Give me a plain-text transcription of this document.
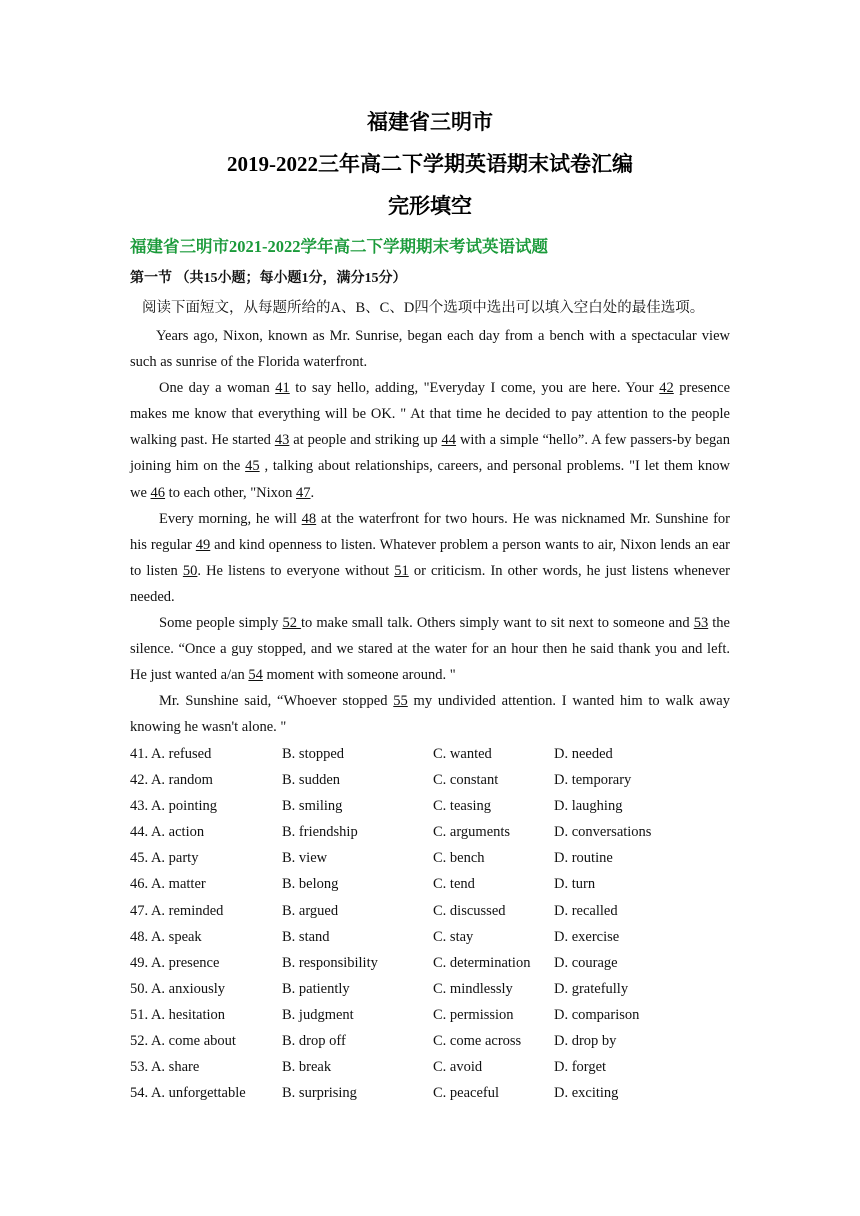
福建省三明市
2019-2022三年高二下学期英语期末试卷汇编
完形填空
福建省三明市2021-2022学年高二下学期期末考试英语试题
第一节 （共15小题；每小题1分，满分15分）
阅读下面短文，从每题所给的A、B、C、D四个选项中选出可以填入空白处的最佳选项。

Years ago, Nixon, known as Mr. Sunrise, began each day from a bench with a spectacular view such as sunrise of the Florida waterfront.

One day a woman 41 to say hello, adding, "Everyday I come, you are here. Your 42 presence makes me know that everything will be OK. " At that time he decided to pay attention to the people walking past. He started 43 at people and striking up 44 with a simple “hello”. A few passers-by began joining him on the 45 , talking about relationships, careers, and personal problems. "I let them know we 46 to each other, "Nixon 47.

Every morning, he will 48 at the waterfront for two hours. He was nicknamed Mr. Sunshine for his regular 49 and kind openness to listen. Whatever problem a person wants to air, Nixon lends an ear to listen 50. He listens to everyone without 51 or criticism. In other words, he just listens whenever needed.

Some people simply 52 to make small talk. Others simply want to sit next to someone and 53 the silence. “Once a guy stopped, and we stared at the water for an hour then he said thank you and left. He just wanted a/an 54 moment with someone around. "

Mr. Sunshine said, “Whoever stopped 55 my undivided attention. I wanted him to walk away knowing he wasn't alone. "

41. A. refused	B. stopped	C. wanted	D. needed
42. A. random	B. sudden	C. constant	D. temporary
43. A. pointing	B. smiling	C. teasing	D. laughing
44. A. action	B. friendship	C. arguments	D. conversations
45. A. party	B. view	C. bench	D. routine
46. A. matter	B. belong	C. tend	D. turn
47. A. reminded	B. argued	C. discussed	D. recalled
48. A. speak	B. stand	C. stay	D. exercise
49. A. presence	B. responsibility	C. determination	D. courage
50. A. anxiously	B. patiently	C. mindlessly	D. gratefully
51. A. hesitation	B. judgment	C. permission	D. comparison
52. A. come about	B. drop off	C. come across	D. drop by
53. A. share	B. break	C. avoid	D. forget
54. A. unforgettable	B. surprising	C. peaceful	D. exciting
